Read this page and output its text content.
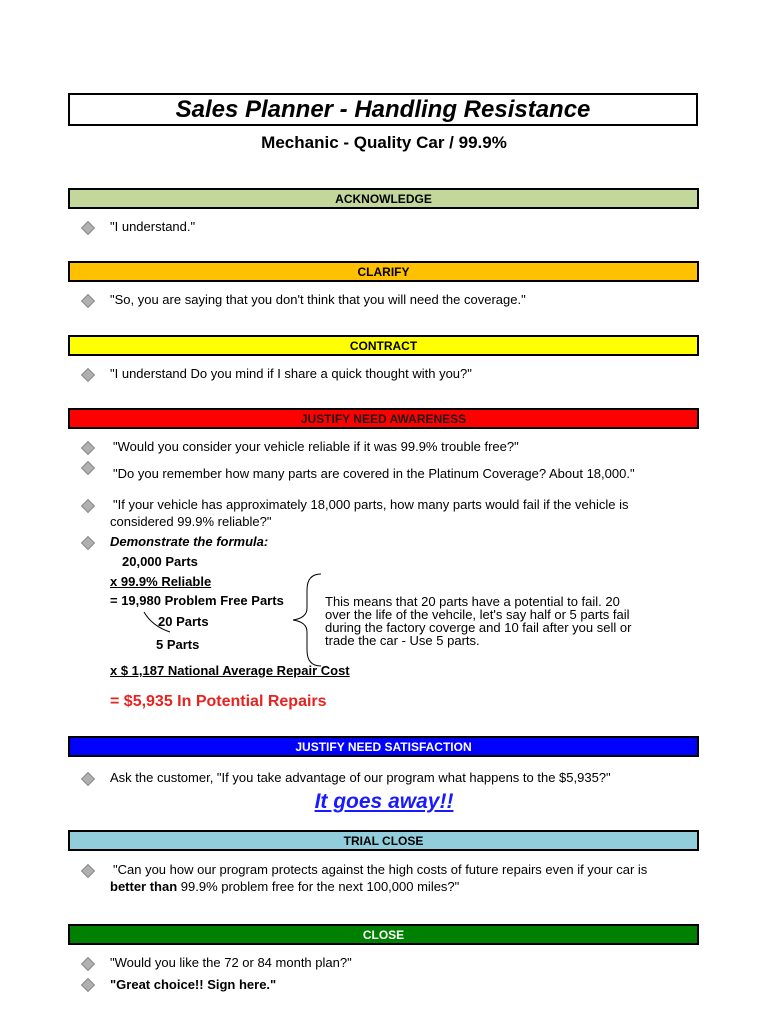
Sales Planner - Handling Resistance
Mechanic - Quality Car / 99.9%
ACKNOWLEDGE
"I understand."
CLARIFY
"So, you are saying that you don't think that you will need the coverage."
CONTRACT
"I understand Do you mind if I share a quick thought with you?"
JUSTIFY NEED AWARENESS
"Would you consider your vehicle reliable if it was 99.9% trouble free?"
"Do you remember how many parts are covered in the Platinum Coverage? About 18,000."
"If your vehicle has approximately 18,000 parts, how many parts would fail if the vehicle is
considered 99.9% reliable?"
Demonstrate the formula:
20,000 Parts
x 99.9% Reliable
= 19,980 Problem Free Parts
20 Parts
5 Parts
x $ 1,187 National Average Repair Cost
= $5,935 In Potential Repairs
This means that 20 parts have a potential to fail. 20
over the life of the vehcile, let's say half or 5 parts fail
during the factory coverge and 10 fail after you sell or
trade the car - Use 5 parts.
JUSTIFY NEED SATISFACTION
Ask the customer, "If you take advantage of our program what happens to the $5,935?"
It goes away!!
TRIAL CLOSE
"Can you how our program protects against the high costs of future repairs even if your car is
better than 99.9% problem free for the next 100,000 miles?"
CLOSE
"Would you like the 72 or 84 month plan?"
"Great choice!! Sign here."
